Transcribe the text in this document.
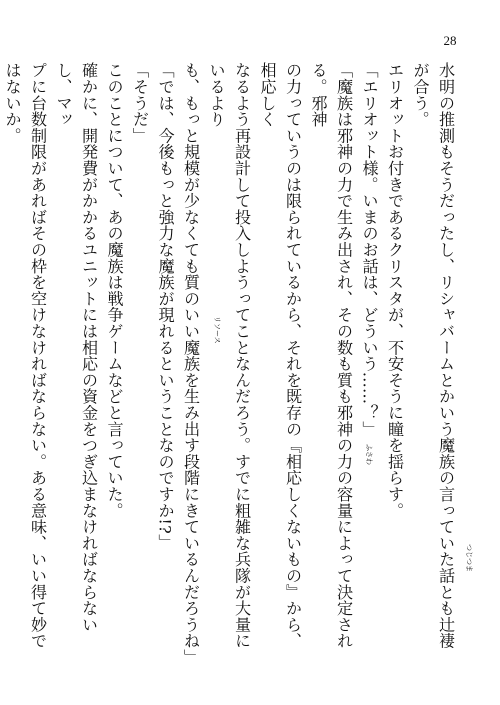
28
水明の推測もそうだったし、リシャバームとかいう魔族の言っていた話とも辻褄が合う。
エリオットお付きであるクリスタが、不安そうに瞳を揺らす。
「エリオット様。いまのお話は、どういう……？」
「魔族は邪神の力で生み出され、その数も質も邪神の力の容量によって決定される。邪神
の力っていうのは限られているから、それを既存の『相応しくないもの』から、相応しく
なるよう再設計して投入しようってことなんだろう。すでに粗雑な兵隊が大量にいるより
も、もっと規模が少なくても質のいい魔族を生み出す段階にきているんだろうね」
「では、今後もっと強力な魔族が現れるということなのですか!?」
「そうだ」
このことについて、あの魔族は戦争ゲームなどと言っていた。
確かに、開発費がかかるユニットには相応の資金をつぎ込まなければならないし、マッ
プに台数制限があればその枠を空けなければならない。ある意味、いい得て妙ではないか。
つじつま
ふさわ
リソース
